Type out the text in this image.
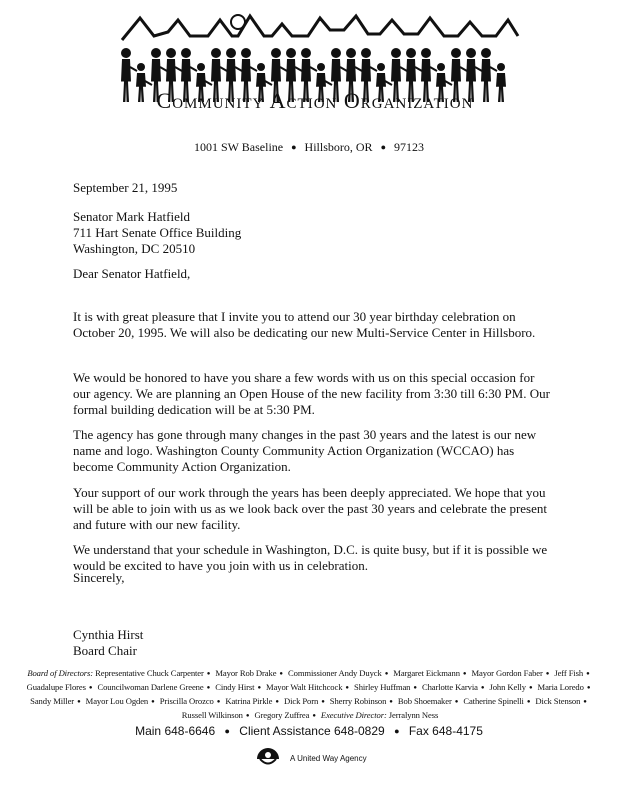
Community Action Organization
1001 SW Baseline ● Hillsboro, OR ● 97123
September 21, 1995
Senator Mark Hatfield
711 Hart Senate Office Building
Washington, DC 20510
Dear Senator Hatfield,

It is with great pleasure that I invite you to attend our 30 year birthday celebration on October 20, 1995. We will also be dedicating our new Multi-Service Center in Hillsboro.

We would be honored to have you share a few words with us on this special occasion for our agency. We are planning an Open House of the new facility from 3:30 till 6:30 PM. Our formal building dedication will be at 5:30 PM.

The agency has gone through many changes in the past 30 years and the latest is our new name and logo. Washington County Community Action Organization (WCCAO) has become Community Action Organization.

Your support of our work through the years has been deeply appreciated. We hope that you will be able to join with us as we look back over the past 30 years and celebrate the present and future with our new facility.

We understand that your schedule in Washington, D.C. is quite busy, but if it is possible we would be excited to have you join with us in celebration.

Sincerely,
Cynthia Hirst
Board Chair
Board of Directors: Representative Chuck Carpenter ● Mayor Rob Drake ● Commissioner Andy Duyck ● Margaret Eickmann ● Mayor Gordon Faber ● Jeff Fish ● Guadalupe Flores ● Councilwoman Darlene Greene ● Cindy Hirst ● Mayor Walt Hitchcock ● Shirley Huffman ● Charlotte Karvia ● John Kelly ● Maria Loredo ● Sandy Miller ● Mayor Lou Ogden ● Priscilla Orozco ● Katrina Pirkle ● Dick Porn ● Sherry Robinson ● Bob Shoemaker ● Catherine Spinelli ● Dick Stenson ● Russell Wilkinson ● Gregory Zuffrea ● Executive Director: Jerralynn Ness
Main 648-6646 ● Client Assistance 648-0829 ● Fax 648-4175
A United Way Agency
